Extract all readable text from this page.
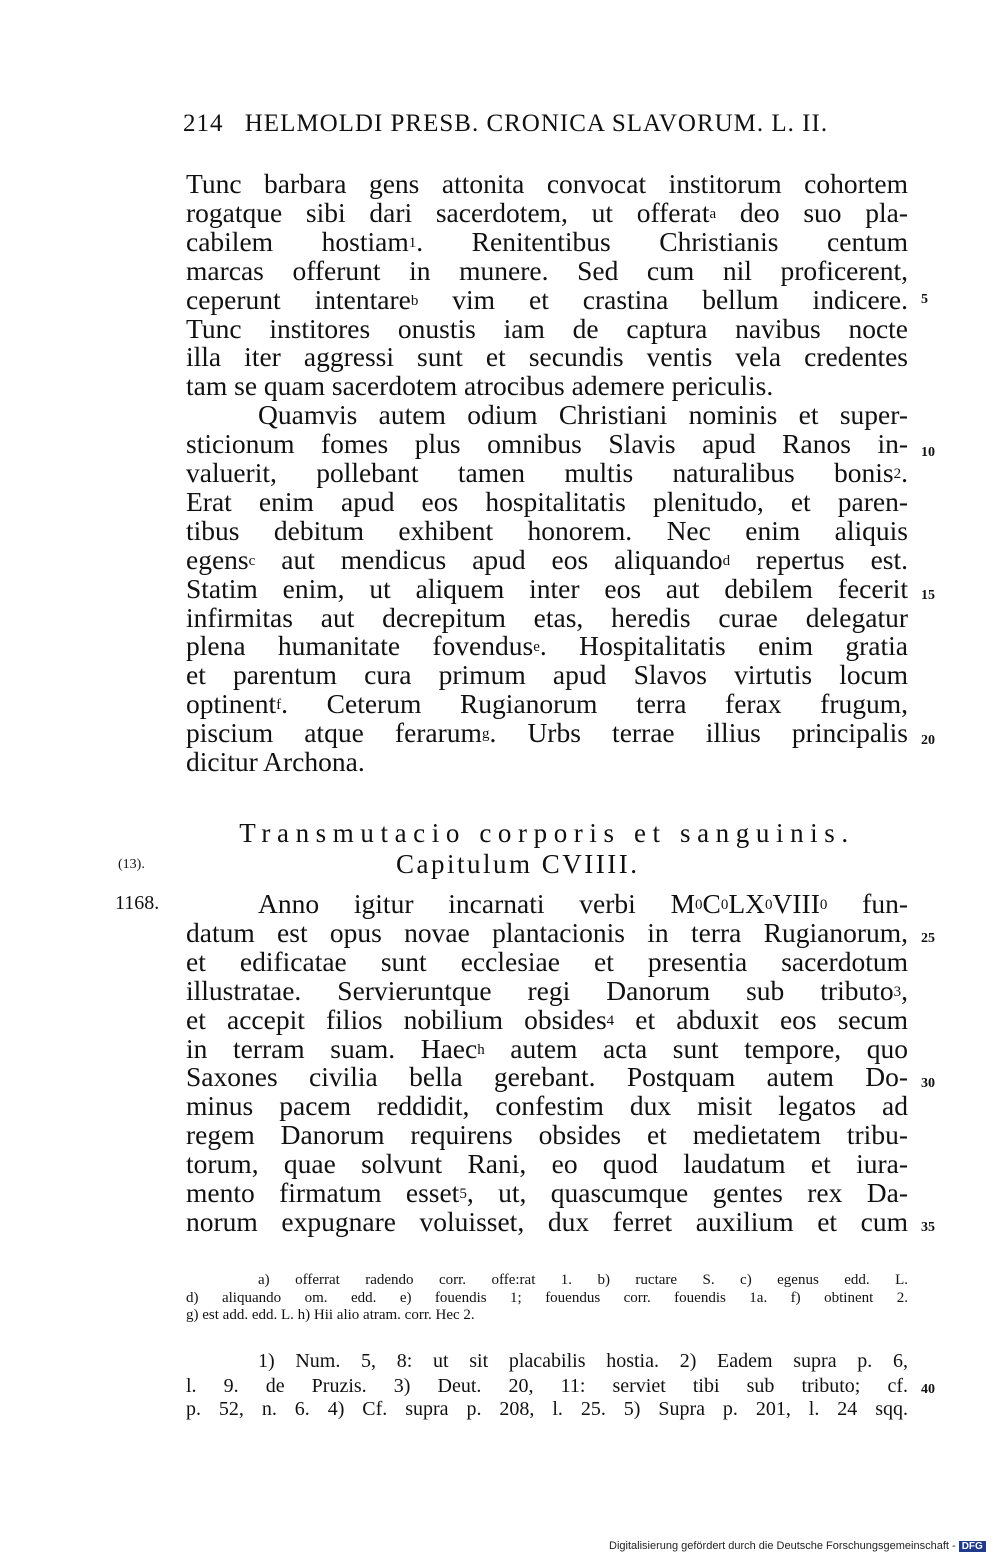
214 HELMOLDI PRESB. CRONICA SLAVORUM. L. II.
Tunc barbara gens attonita convocat institorum cohortem
rogatque sibi dari sacerdotem, ut offerat$^a$ deo suo pla-
cabilem hostiam$^1$. Renitentibus Christianis centum
marcas offerunt in munere. Sed cum nil proficerent,
ceperunt intentare$^b$ vim et crastina bellum indicere.
Tunc institores onustis iam de captura navibus nocte
illa iter aggressi sunt et secundis ventis vela credentes
tam se quam sacerdotem atrocibus ademere periculis.
Quamvis autem odium Christiani nominis et super-
sticionum fomes plus omnibus Slavis apud Ranos in-
valuerit, pollebant tamen multis naturalibus bonis$^2$.
Erat enim apud eos hospitalitatis plenitudo, et paren-
tibus debitum exhibent honorem. Nec enim aliquis
egens$^c$ aut mendicus apud eos aliquando$^d$ repertus est.
Statim enim, ut aliquem inter eos aut debilem fecerit
infirmitas aut decrepitum etas, heredis curae delegatur
plena humanitate fovendus$^e$. Hospitalitatis enim gratia
et parentum cura primum apud Slavos virtutis locum
optinent$^f$. Ceterum Rugianorum terra ferax frugum,
piscium atque ferarum$^g$. Urbs terrae illius principalis
dicitur Archona.
Anno igitur incarnati verbi $M^0C^0LX^0VIII^0$ fun-
datum est opus novae plantacionis in terra Rugianorum,
et edificatae sunt ecclesiae et presentia sacerdotum
illustratae. Servieruntque regi Danorum sub tributo$^3$,
et accepit filios nobilium obsides$^4$ et abduxit eos secum
in terram suam. Haec$^h$ autem acta sunt tempore, quo
Saxones civilia bella gerebant. Postquam autem Do-
minus pacem reddidit, confestim dux misit legatos ad
regem Danorum requirens obsides et medietatem tribu-
torum, quae solvunt Rani, eo quod laudatum et iura-
mento firmatum esset$^5$, ut, quascumque gentes rex Da-
norum expugnare voluisset, dux ferret auxilium et cum
Transmutacio corporis et sanguinis.
Capitulum CVIIII.
(13).
1168.
5
10
15
20
25
30
35
40
a) offerrat radendo corr. offe:rat 1. b) ructare S. c) egenus edd. L.
d) aliquando om. edd. e) fouendis 1; fouendus corr. fouendis 1a. f) obtinent 2.
g) est add. edd. L. h) Hii alio atram. corr. Hec 2.
1) Num. 5, 8: ut sit placabilis hostia. 2) Eadem supra p. 6,
l. 9. de Pruzis. 3) Deut. 20, 11: serviet tibi sub tributo; cf.
p. 52, n. 6. 4) Cf. supra p. 208, l. 25. 5) Supra p. 201, l. 24 sqq.
Digitalisierung gefördert durch die Deutsche Forschungsgemeinschaft - DFG
